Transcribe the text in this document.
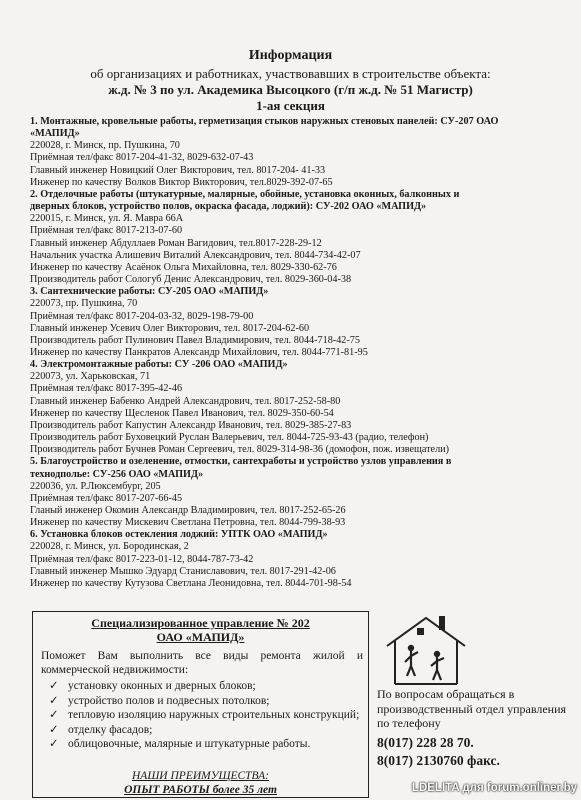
Информация
об организациях и работниках, участвовавших в строительстве объекта:
ж.д. № 3 по ул. Академика Высоцкого (г/п ж.д. № 51 Магистр)
1-ая секция
1. Монтажные, кровельные работы, герметизация стыков наружных стеновых панелей: СУ-207 ОАО
«МАПИД»
220028, г. Минск, пр. Пушкина, 70
Приёмная тел/факс 8017-204-41-32, 8029-632-07-43
Главный инженер Новицкий Олег Викторович, тел. 8017-204- 41-33
Инженер по качеству Волков Виктор Викторович, тел.8029-392-07-65
2. Отделочные работы (штукатурные, малярные, обойные, установка оконных, балконных и
дверных блоков, устройство полов, окраска фасада, лоджий): СУ-202 ОАО «МАПИД»
220015, г. Минск, ул. Я. Мавра 66А
Приёмная тел/факс 8017-213-07-60
Главный инженер Абдуллаев Роман Вагидович, тел.8017-228-29-12
Начальник участка Алишевич Виталий Александрович, тел. 8044-734-42-07
Инженер по качеству Асаёнок Ольга Михайловна, тел. 8029-330-62-76
Производитель работ Сологуб Денис Александрович, тел. 8029-360-04-38
3. Сантехнические работы: СУ-205 ОАО «МАПИД»
220073, пр. Пушкина, 70
Приёмная тел/факс 8017-204-03-32, 8029-198-79-00
Главный инженер Усевич Олег Викторович, тел. 8017-204-62-60
Производитель работ Пулинович Павел Владимирович, тел. 8044-718-42-75
Инженер по качеству Панкратов Александр Михайлович, тел. 8044-771-81-95
4. Электромонтажные работы: СУ -206 ОАО «МАПИД»
220073, ул. Харьковская, 71
Приёмная тел/факс 8017-395-42-46
Главный инженер Бабенко Андрей Александрович, тел. 8017-252-58-80
Инженер по качеству Щесленок Павел Иванович, тел. 8029-350-60-54
Производитель работ Капустин Александр Иванович, тел. 8029-385-27-83
Производитель работ Буховецкий Руслан Валерьевич, тел. 8044-725-93-43 (радио, телефон)
Производитель работ Бучнев Роман Сергеевич, тел. 8029-314-98-36 (домофон, пож. извещатели)
5. Благоустройство и озеленение, отмостки, сантехработы и устройство узлов управления в
технодполье: СУ-256 ОАО «МАПИД»
220036, ул. Р.Люксембург, 205
Приёмная тел/факс 8017-207-66-45
Гланый инженер Окомин Александр Владимирович, тел. 8017-252-65-26
Инженер по качеству Мискевич Светлана Петровна, тел. 8044-799-38-93
6. Установка блоков остекления лоджий: УПТК ОАО «МАПИД»
220028, г. Минск, ул. Бородинская, 2
Приёмная тел/факс 8017-223-01-12, 8044-787-73-42
Главный инженер Мышко Эдуард Станиславович, тел. 8017-291-42-06
Инженер по качеству Кутузова Светлана Леонидовна, тел. 8044-701-98-54
Специализированное управление № 202
ОАО «МАПИД»
Поможет Вам выполнить все виды ремонта жилой и коммерческой недвижимости:
✓ установку оконных и дверных блоков;
✓ устройство полов и подвесных потолков;
✓ тепловую изоляцию наружных строительных конструкций;
✓ отделку фасадов;
✓ облицовочные, малярные и штукатурные работы.
НАШИ ПРЕИМУЩЕСТВА:
ОПЫТ РАБОТЫ более 35 лет
По вопросам обращаться в производственный отдел управления по телефону
8(017) 228 28 70.
8(017) 2130760 факс.
LDELITA для forum.onliner.by
